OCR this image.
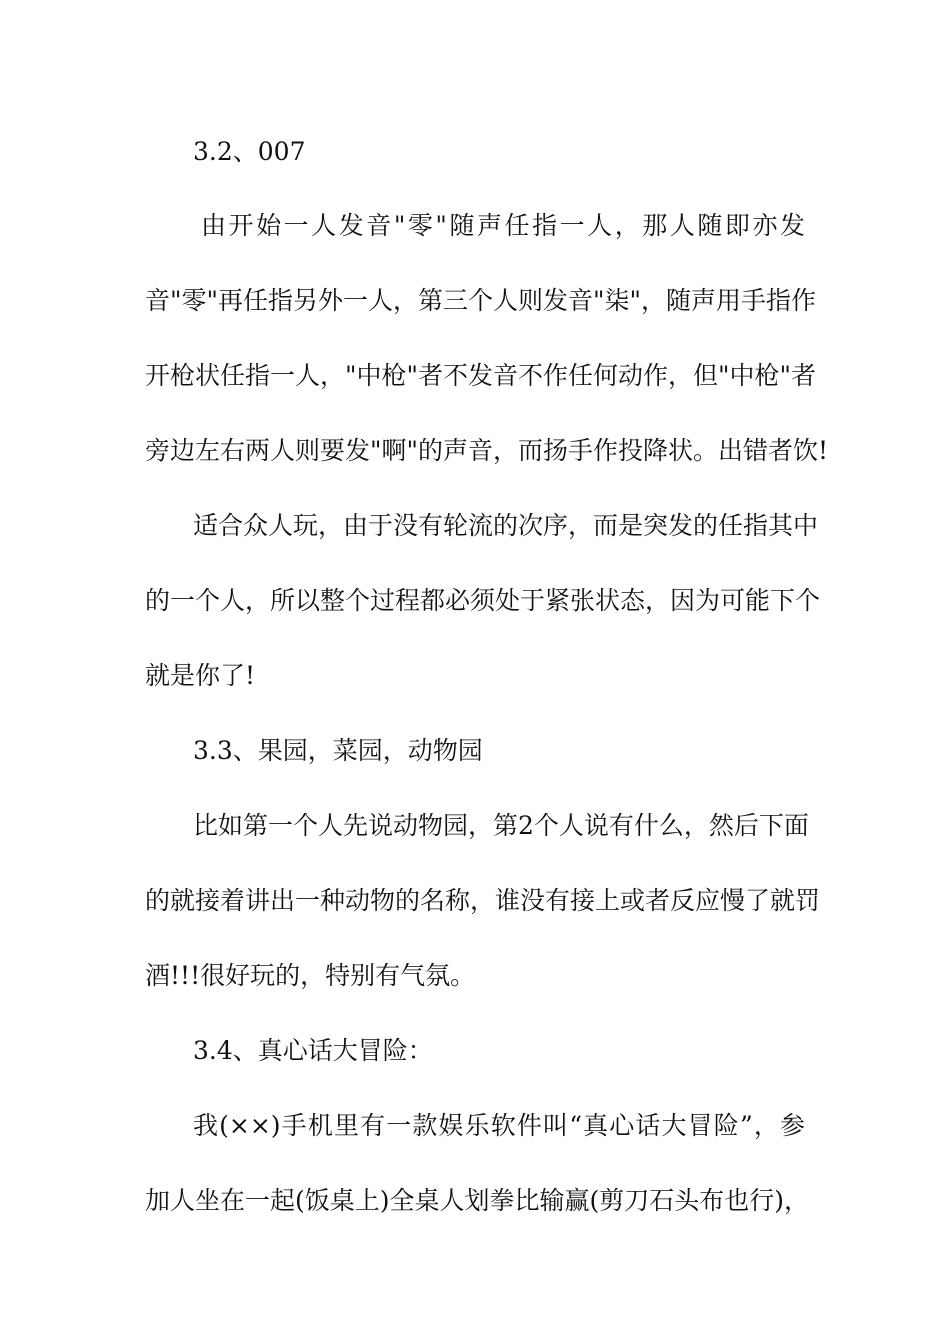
3.2、007
由开始一人发音"零"随声任指一人，那人随即亦发
音"零"再任指另外一人，第三个人则发音"柒"，随声用手指作
开枪状任指一人，"中枪"者不发音不作任何动作，但"中枪"者
旁边左右两人则要发"啊"的声音，而扬手作投降状。出错者饮!
适合众人玩，由于没有轮流的次序，而是突发的任指其中
的一个人，所以整个过程都必须处于紧张状态，因为可能下个
就是你了!
3.3、果园，菜园，动物园
比如第一个人先说动物园，第2个人说有什么，然后下面
的就接着讲出一种动物的名称，谁没有接上或者反应慢了就罚
酒!!!很好玩的，特别有气氛。
3.4、真心话大冒险：
我(××)手机里有一款娱乐软件叫“真心话大冒险”，参
加人坐在一起(饭桌上)全桌人划拳比输赢(剪刀石头布也行)，
